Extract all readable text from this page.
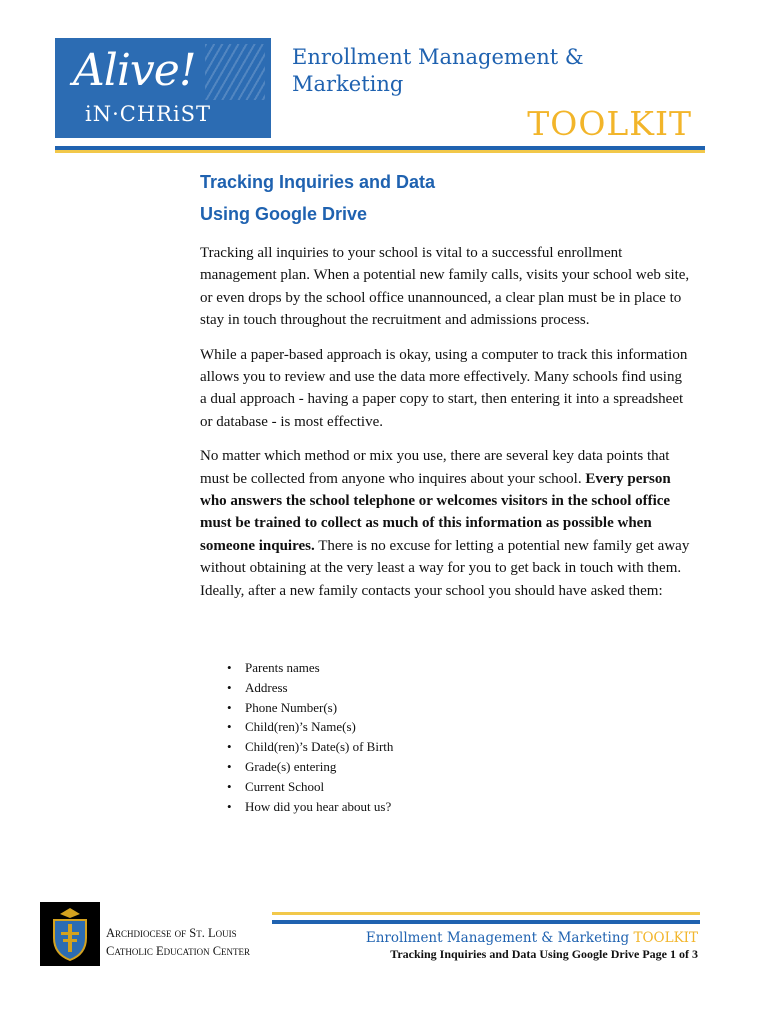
Alive!
iN·CHRiST
Enrollment Management & Marketing
TOOLKIT
Tracking Inquiries and Data
Using Google Drive

Tracking all inquiries to your school is vital to a successful enrollment management plan. When a potential new family calls, visits your school web site, or even drops by the school office unannounced, a clear plan must be in place to stay in touch throughout the recruitment and admissions process.

While a paper-based approach is okay, using a computer to track this information allows you to review and use the data more effectively. Many schools find using a dual approach - having a paper copy to start, then entering it into a spreadsheet or database - is most effective.

No matter which method or mix you use, there are several key data points that must be collected from anyone who inquires about your school. Every person who answers the school telephone or welcomes visitors in the school office must be trained to collect as much of this information as possible when someone inquires. There is no excuse for letting a potential new family get away without obtaining at the very least a way for you to get back in touch with them. Ideally, after a new family contacts your school you should have asked them:

• Parents names
• Address
• Phone Number(s)
• Child(ren)’s Name(s)
• Child(ren)’s Date(s) of Birth
• Grade(s) entering
• Current School
• How did you hear about us?
Archdiocese of St. Louis
Catholic Education Center
Enrollment Management & Marketing TOOLKIT
Tracking Inquiries and Data Using Google Drive Page 1 of 3
